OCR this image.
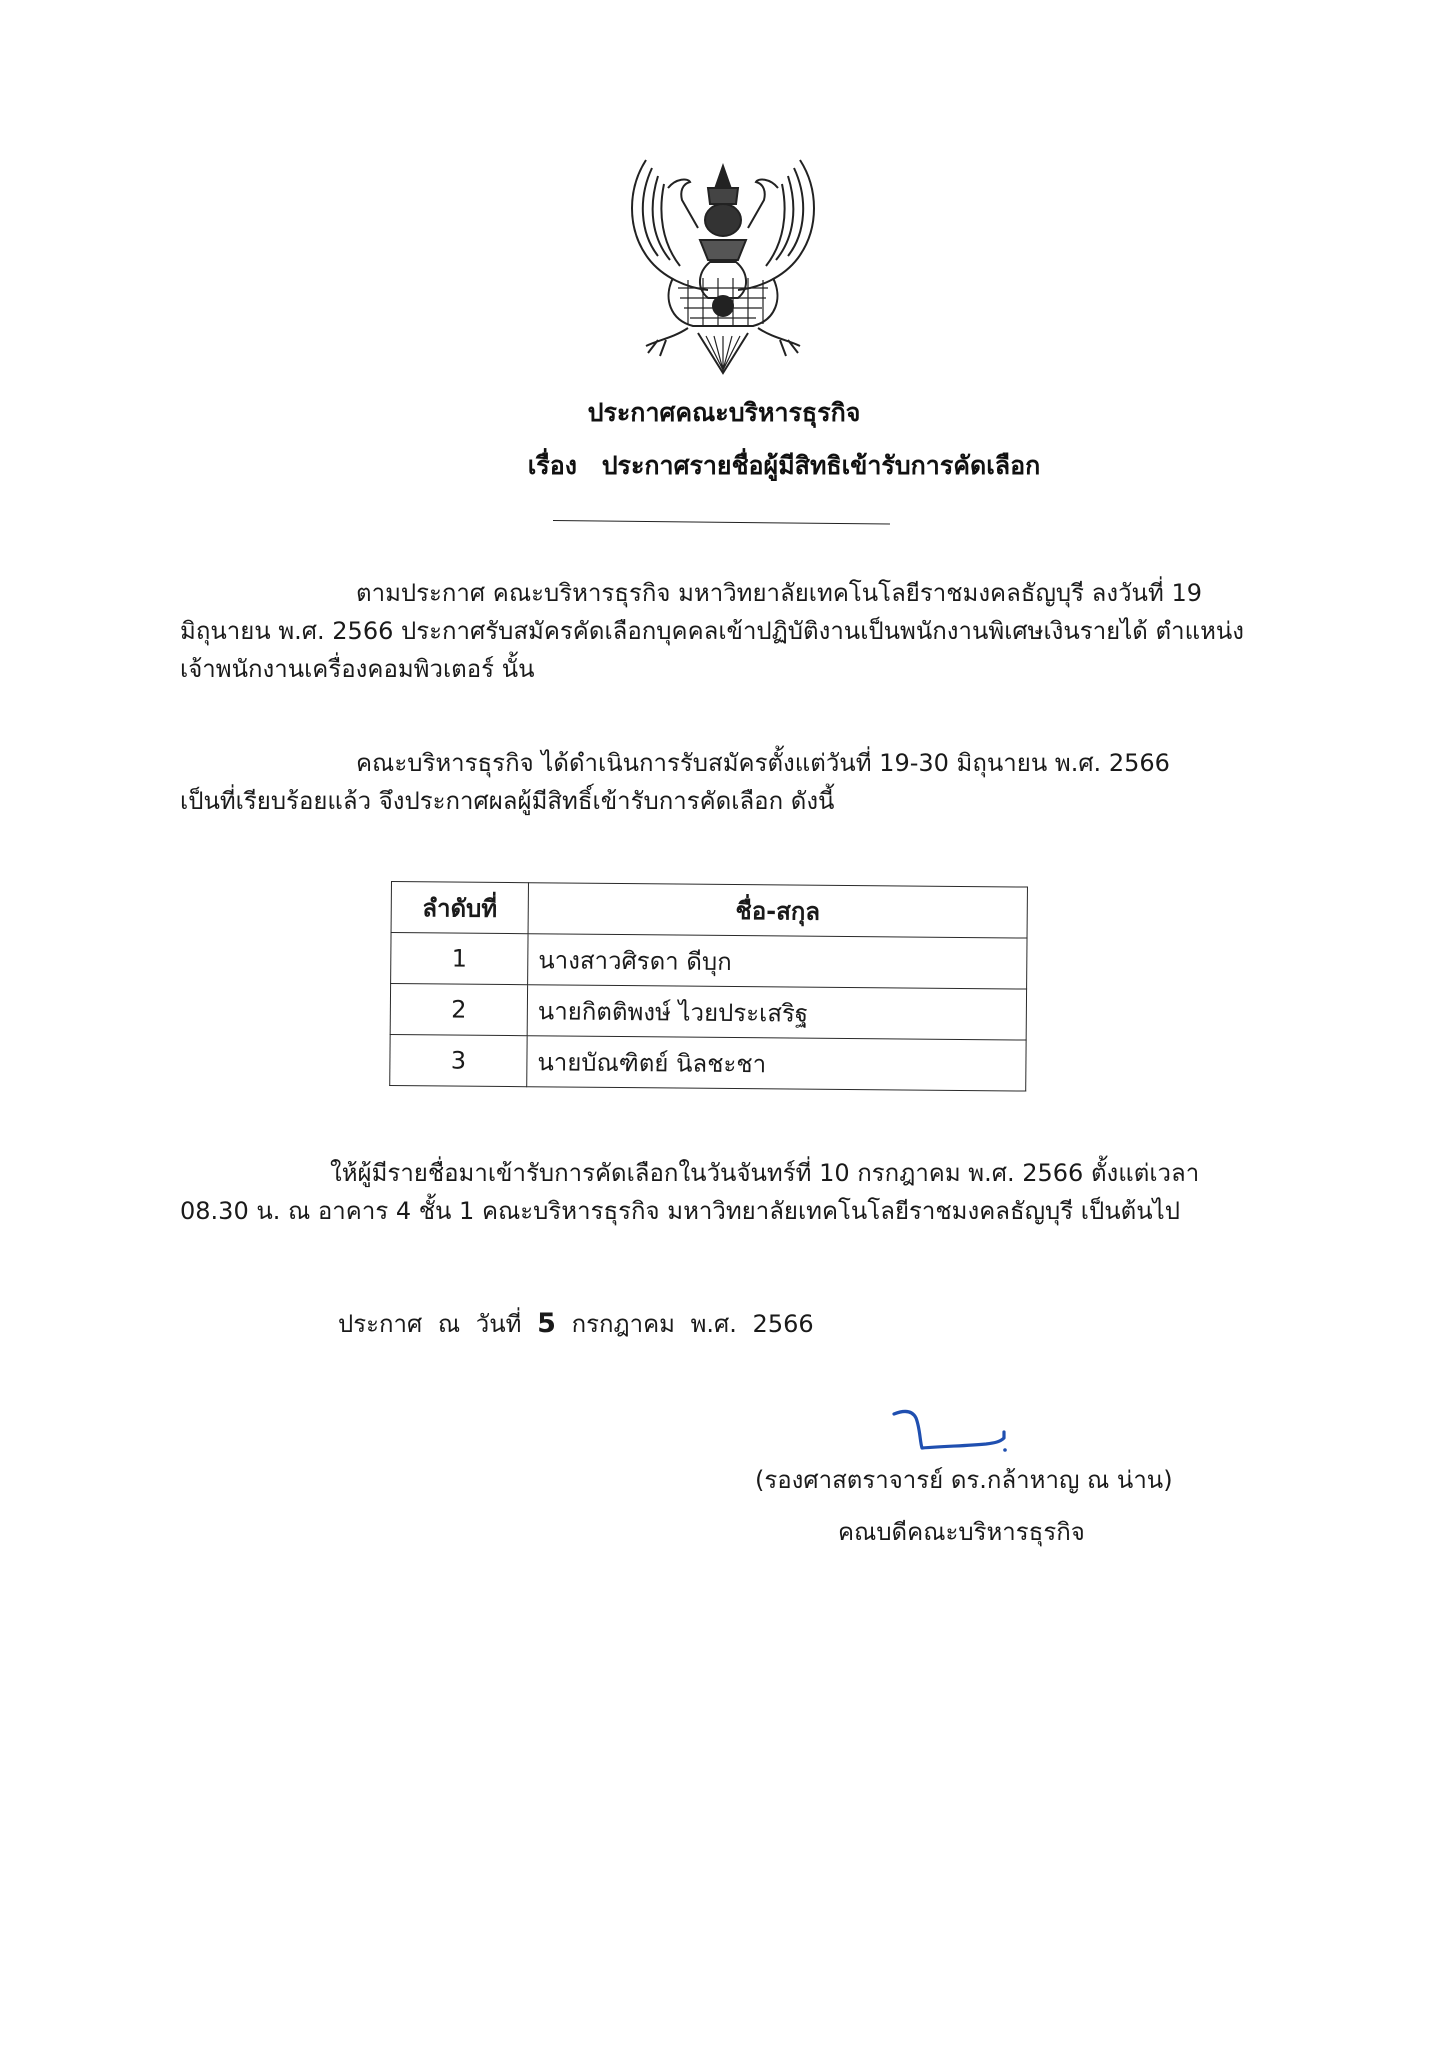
ประกาศคณะบริหารธุรกิจ
เรื่อง ประกาศรายชื่อผู้มีสิทธิเข้ารับการคัดเลือก
ตามประกาศ คณะบริหารธุรกิจ มหาวิทยาลัยเทคโนโลยีราชมงคลธัญบุรี ลงวันที่ 19
มิถุนายน พ.ศ. 2566 ประกาศรับสมัครคัดเลือกบุคคลเข้าปฏิบัติงานเป็นพนักงานพิเศษเงินรายได้ ตำแหน่ง
เจ้าพนักงานเครื่องคอมพิวเตอร์ นั้น
คณะบริหารธุรกิจ ได้ดำเนินการรับสมัครตั้งแต่วันที่ 19-30 มิถุนายน พ.ศ. 2566
เป็นที่เรียบร้อยแล้ว จึงประกาศผลผู้มีสิทธิ์เข้ารับการคัดเลือก ดังนี้
ลำดับที่	ชื่อ-สกุล
1	นางสาวศิรดา ดีบุก
2	นายกิตติพงษ์ ไวยประเสริฐ
3	นายบัณฑิตย์ นิลชะชา
ให้ผู้มีรายชื่อมาเข้ารับการคัดเลือกในวันจันทร์ที่ 10 กรกฎาคม พ.ศ. 2566 ตั้งแต่เวลา
08.30 น. ณ อาคาร 4 ชั้น 1 คณะบริหารธุรกิจ มหาวิทยาลัยเทคโนโลยีราชมงคลธัญบุรี เป็นต้นไป
ประกาศ ณ วันที่ 5 กรกฎาคม พ.ศ. 2566
(รองศาสตราจารย์ ดร.กล้าหาญ ณ น่าน)
คณบดีคณะบริหารธุรกิจ
